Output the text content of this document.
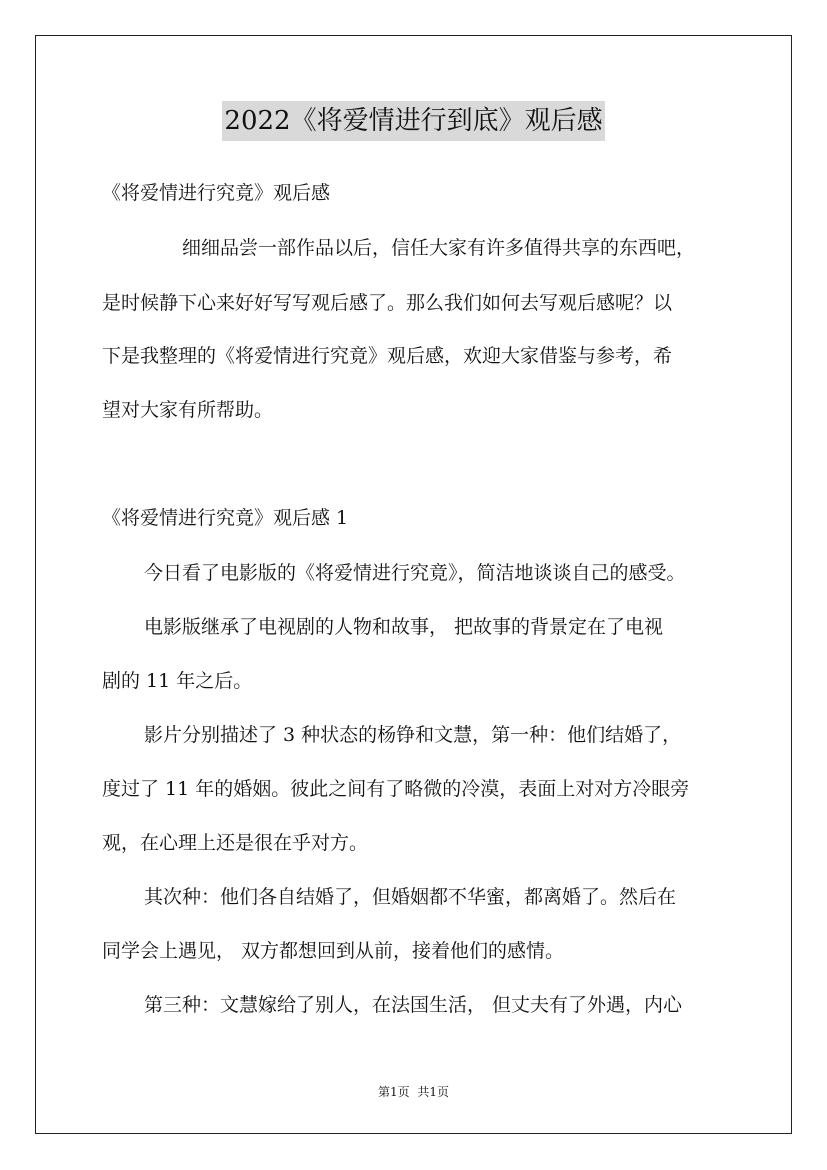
2022《将爱情进行到底》观后感
《将爱情进行究竟》观后感
细细品尝一部作品以后，信任大家有许多值得共享的东西吧，
是时候静下心来好好写写观后感了。那么我们如何去写观后感呢？以
下是我整理的《将爱情进行究竟》观后感，欢迎大家借鉴与参考，希
望对大家有所帮助。
《将爱情进行究竟》观后感 1
今日看了电影版的《将爱情进行究竟》，简洁地谈谈自己的感受。
电影版继承了电视剧的人物和故事， 把故事的背景定在了电视
剧的 11 年之后。
影片分别描述了 3 种状态的杨铮和文慧，第一种：他们结婚了，
度过了 11 年的婚姻。彼此之间有了略微的冷漠，表面上对对方冷眼旁
观，在心理上还是很在乎对方。
其次种：他们各自结婚了，但婚姻都不华蜜，都离婚了。然后在
同学会上遇见， 双方都想回到从前，接着他们的感情。
第三种：文慧嫁给了别人，在法国生活， 但丈夫有了外遇，内心
第1页 共1页
